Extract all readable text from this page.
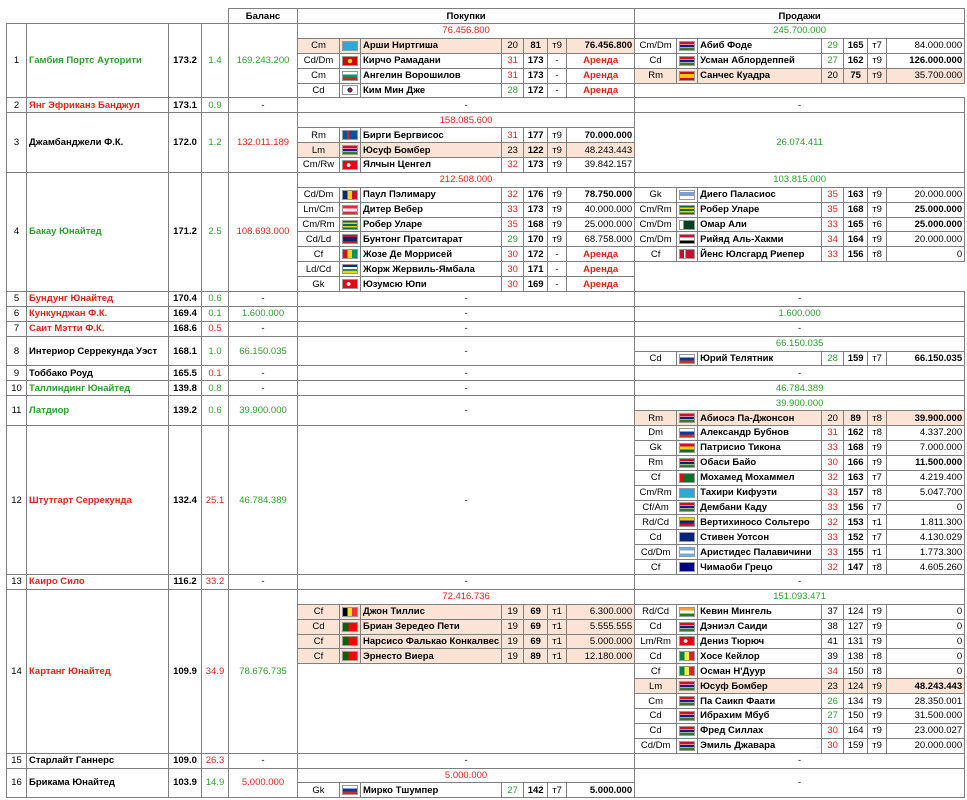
				Баланс	Покупки							Продажи						
1	Гамбия Портс Ауторити	173.2	1.4	169.243.200	76.456.800							245.700.000						
					Cm		Арши Ниртгиша	20	81	т9	76.456.800	Cm/Dm		Абиб Фоде	29	165	т7	84.000.000
					Cd/Dm		Кирчо Рамадани	31	173	-	Аренда	Cd		Усман Аблордеппей	27	162	т9	126.000.000
					Cm		Ангелин Ворошилов	31	173	-	Аренда	Rm		Санчес Куадра	20	75	т9	35.700.000
					Cd		Ким Мин Дже	28	172	-	Аренда							
2	Янг Эфриканз Банджул	173.1	0.9	-	-							-						
3	Джамбанджели Ф.К.	172.0	1.2	132.011.189	158.085.600							26.074.411						
					Rm		Бирги Бергвисос	31	177	т9	70.000.000							
					Lm		Юсуф Бомбер	23	122	т9	48.243.443							
					Cm/Rw		Ялчын Ценгел	32	173	т9	39.842.157							
4	Бакау Юнайтед	171.2	2.5	108.693.000	212.508.000							103.815.000						
					Cd/Dm		Паул Пэлимару	32	176	т9	78.750.000	Gk		Диего Паласиос	35	163	т9	20.000.000
					Lm/Cm		Дитер Вебер	33	173	т9	40.000.000	Cm/Rm		Робер Уларе	35	168	т9	25.000.000
					Cm/Rm		Робер Уларе	35	168	т9	25.000.000	Cm/Dm		Омар Али	33	165	т6	25.000.000
					Cd/Ld		Бунтонг Пратситарат	29	170	т9	68.758.000	Cm/Dm		Рийяд Аль-Хакми	34	164	т9	20.000.000
					Cf		Жозе Де Моррисей	30	172	-	Аренда	Cf		Йенс Юлсгард Риепер	33	156	т8	0
					Ld/Cd		Жорж Жервиль-Ямбала	30	171	-	Аренда							
					Gk		Юзумсю Юпи	30	169	-	Аренда							
5	Бундунг Юнайтед	170.4	0.6	-	-							-						
6	Кункунджан Ф.К.	169.4	0.1	1.600.000	-							1.600.000						
7	Саит Мэтти Ф.К.	168.6	0.5	-	-							-						
8	Интериор Серрекунда Уэст	168.1	1.0	66.150.035	-							66.150.035						
												Cd		Юрий Телятник	28	159	т7	66.150.035
9	Тоббако Роуд	165.5	0.1	-	-							-						
10	Таллиндинг Юнайтед	139.8	0.8	-	-							46.784.389						
11	Латдиор	139.2	0.6	39.900.000	-							39.900.000						
												Rm		Абиосэ Па-Джонсон	20	89	т8	39.900.000
12	Штутгарт Серрекунда	132.4	25.1	46.784.389	-							Dm		Александр Бубнов	31	162	т8	4.337.200
												Gk		Патрисио Тикона	33	168	т9	7.000.000
												Rm		Обаси Байо	30	166	т9	11.500.000
												Cf		Мохамед Мохаммел	32	163	т7	4.219.400
												Cm/Rm		Тахири Кифуэти	33	157	т8	5.047.700
												Cf/Am		Дембани Каду	33	156	т7	0
												Rd/Cd		Вертихиносо Сольтеро	32	153	т1	1.811.300
												Cd		Стивен Уотсон	33	152	т7	4.130.029
												Cd/Dm		Аристидес Палавичини	33	155	т1	1.773.300
												Cf		Чимаоби Грецо	32	147	т8	4.605.260
13	Каиро Сило	116.2	33.2	-	-							-						
14	Картанг Юнайтед	109.9	34.9	78.676.735	72.416.736							151.093.471						
					Cf		Джон Тиллис	19	69	т1	6.300.000	Rd/Cd		Кевин Мингель	37	124	т9	0
					Cd		Бриан Зередео Пети	19	69	т1	5.555.555	Cd		Дэниэл Саиди	38	127	т9	0
					Cf		Нарсисо Фалькао Конкалвес	19	69	т1	5.000.000	Lm/Rm		Дениз Тюрюч	41	131	т9	0
					Cf		Эрнесто Виера	19	89	т1	12.180.000	Cd		Хосе Кейлор	39	138	т8	0
												Cf		Осман Н'Дуур	34	150	т8	0
												Lm		Юсуф Бомбер	23	124	т9	48.243.443
												Cm		Па Саикп Фаати	26	134	т9	28.350.001
												Cd		Ибрахим Мбуб	27	150	т9	31.500.000
												Cd		Фред Силлах	30	164	т9	23.000.027
												Cd/Dm		Эмиль Джавара	30	159	т9	20.000.000
15	Старлайт Ганнерс	109.0	26.3	-	-							-						
16	Брикама Юнайтед	103.9	14.9	5.000.000	5.000.000							-						
					Gk		Мирко Тшумпер	27	142	т7	5.000.000							
